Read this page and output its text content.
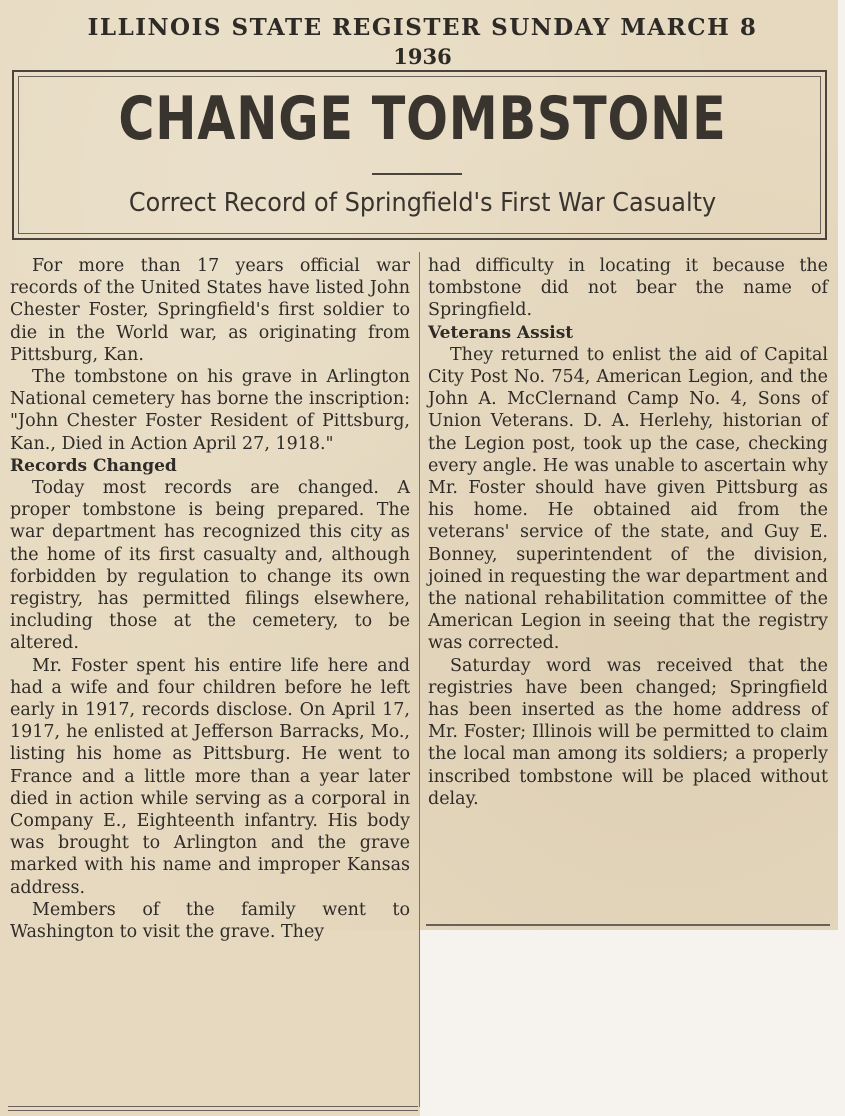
ILLINOIS STATE REGISTER SUNDAY MARCH 8
1936
CHANGE TOMBSTONE
Correct Record of Springfield's First War Casualty

For more than 17 years official war records of the United States have listed John Chester Foster, Springfield's first soldier to die in the World war, as originating from Pittsburg, Kan.

The tombstone on his grave in Arlington National cemetery has borne the inscription: "John Chester Foster Resident of Pittsburg, Kan., Died in Action April 27, 1918."

Records Changed

Today most records are changed. A proper tombstone is being prepared. The war department has recognized this city as the home of its first casualty and, although forbidden by regulation to change its own registry, has permitted filings elsewhere, including those at the cemetery, to be altered.

Mr. Foster spent his entire life here and had a wife and four children before he left early in 1917, records disclose. On April 17, 1917, he enlisted at Jefferson Barracks, Mo., listing his home as Pittsburg. He went to France and a little more than a year later died in action while serving as a corporal in Company E., Eighteenth infantry. His body was brought to Arlington and the grave marked with his name and improper Kansas address.

Members of the family went to Washington to visit the grave. They

had difficulty in locating it because the tombstone did not bear the name of Springfield.

Veterans Assist

They returned to enlist the aid of Capital City Post No. 754, American Legion, and the John A. McClernand Camp No. 4, Sons of Union Veterans. D. A. Herlehy, historian of the Legion post, took up the case, checking every angle. He was unable to ascertain why Mr. Foster should have given Pittsburg as his home. He obtained aid from the veterans' service of the state, and Guy E. Bonney, superintendent of the division, joined in requesting the war department and the national rehabilitation committee of the American Legion in seeing that the registry was corrected.

Saturday word was received that the registries have been changed; Springfield has been inserted as the home address of Mr. Foster; Illinois will be permitted to claim the local man among its soldiers; a properly inscribed tombstone will be placed without delay.
